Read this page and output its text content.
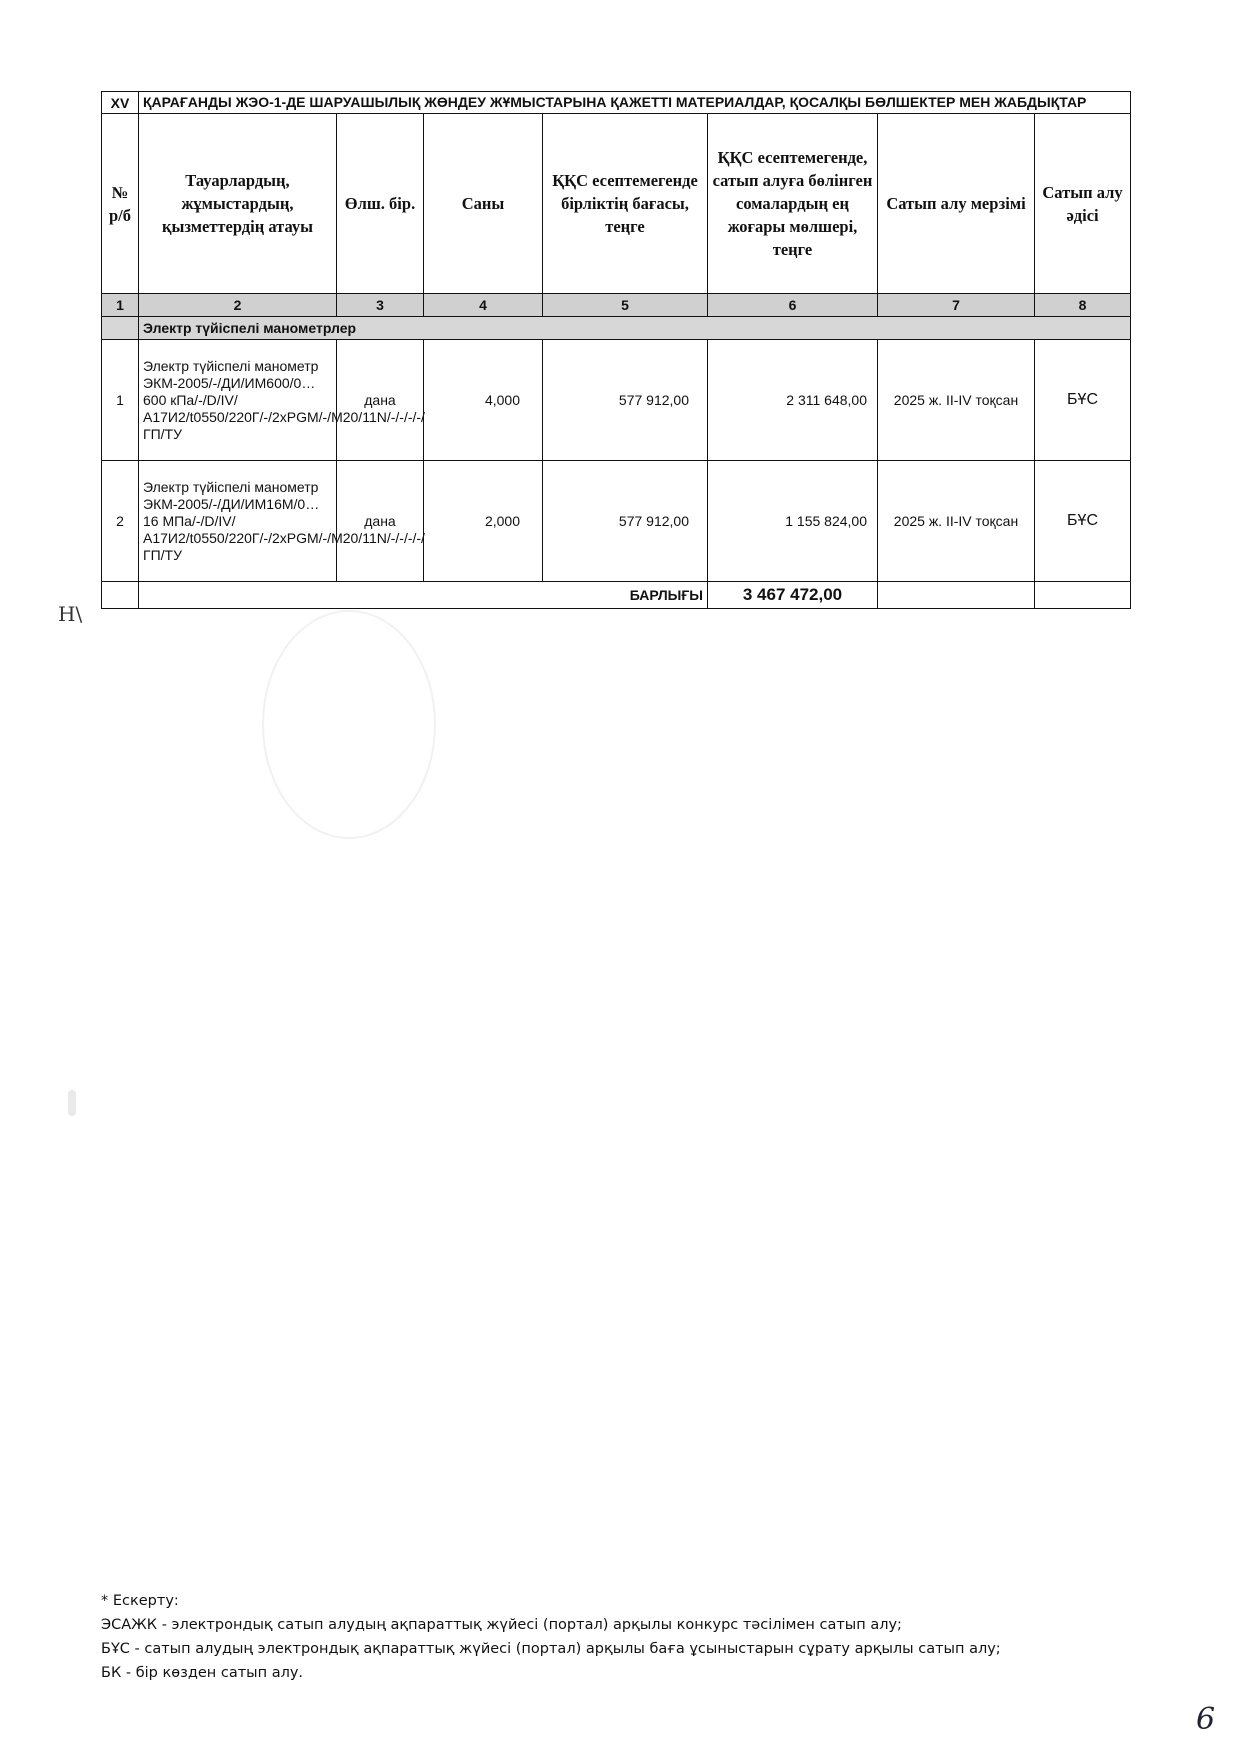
Н\
XV	ҚАРАҒАНДЫ ЖЭО-1-ДЕ ШАРУАШЫЛЫҚ ЖӨНДЕУ ЖҰМЫСТАРЫНА ҚАЖЕТТІ МАТЕРИАЛДАР, ҚОСАЛҚЫ БӨЛШЕКТЕР МЕН ЖАБДЫҚТАР						
№ р/б	Тауарлардың, жұмыстардың, қызметтердің атауы	Өлш. бір.	Саны	ҚҚС есептемегенде бірліктің бағасы, теңге	ҚҚС есептемегенде, сатып алуға бөлінген сомалардың ең жоғары мөлшері, теңге	Сатып алу мерзімі	Сатып алу әдісі
1	2	3	4	5	6	7	8
	Электр түйіспелі манометрлер						
1	Электр түйіспелі манометр ЭКМ-2005/-/ДИ/ИМ600/0…600 кПа/-/D/IV/А17И2/t0550/220Г/-/2хPGM/-/M20/11N/-/-/-/-/ГП/ТУ	дана	4,000	577 912,00	2 311 648,00	2025 ж. II-IV тоқсан	БҰС
2	Электр түйіспелі манометр ЭКМ-2005/-/ДИ/ИМ16М/0…16 МПа/-/D/IV/А17И2/t0550/220Г/-/2хPGM/-/M20/11N/-/-/-/-/ГП/ТУ	дана	2,000	577 912,00	1 155 824,00	2025 ж. II-IV тоқсан	БҰС
	БАРЛЫҒЫ				3 467 472,00		
* Ескерту:
ЭСАЖК - электрондық сатып алудың ақпараттық жүйесі (портал) арқылы конкурс тәсілімен сатып алу;
БҰС - сатып алудың электрондық ақпараттық жүйесі (портал) арқылы баға ұсыныстарын сұрату арқылы сатып алу;
БК - бір көзден сатып алу.
6
